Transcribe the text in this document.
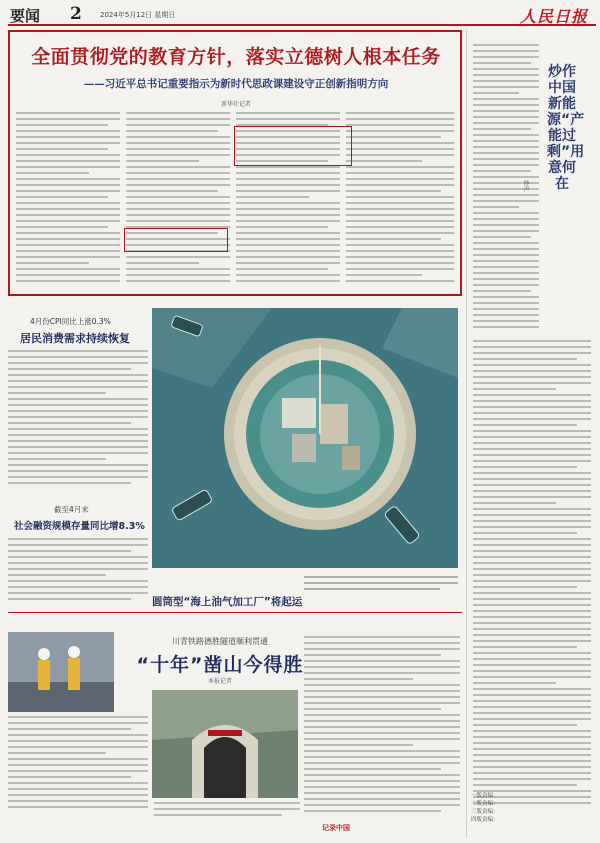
要闻 2	2024年5月12日 星期日	人民日报
全面贯彻党的教育方针，落实立德树人根本任务
——习近平总书记重要指示为新时代思政课建设守正创新指明方向
新华社记者
炒作中国新能源“产能过剩”用意何在
钟声
一版责编：
二版责编：
三版责编：
四版责编：
4月份CPI同比上涨0.3%
居民消费需求持续恢复
截至4月末
社会融资规模存量同比增8.3%
圆筒型“海上油气加工厂”将起运
川青铁路德胜隧道顺利贯通
“十年”凿山今得胜
本报记者
记录中国
